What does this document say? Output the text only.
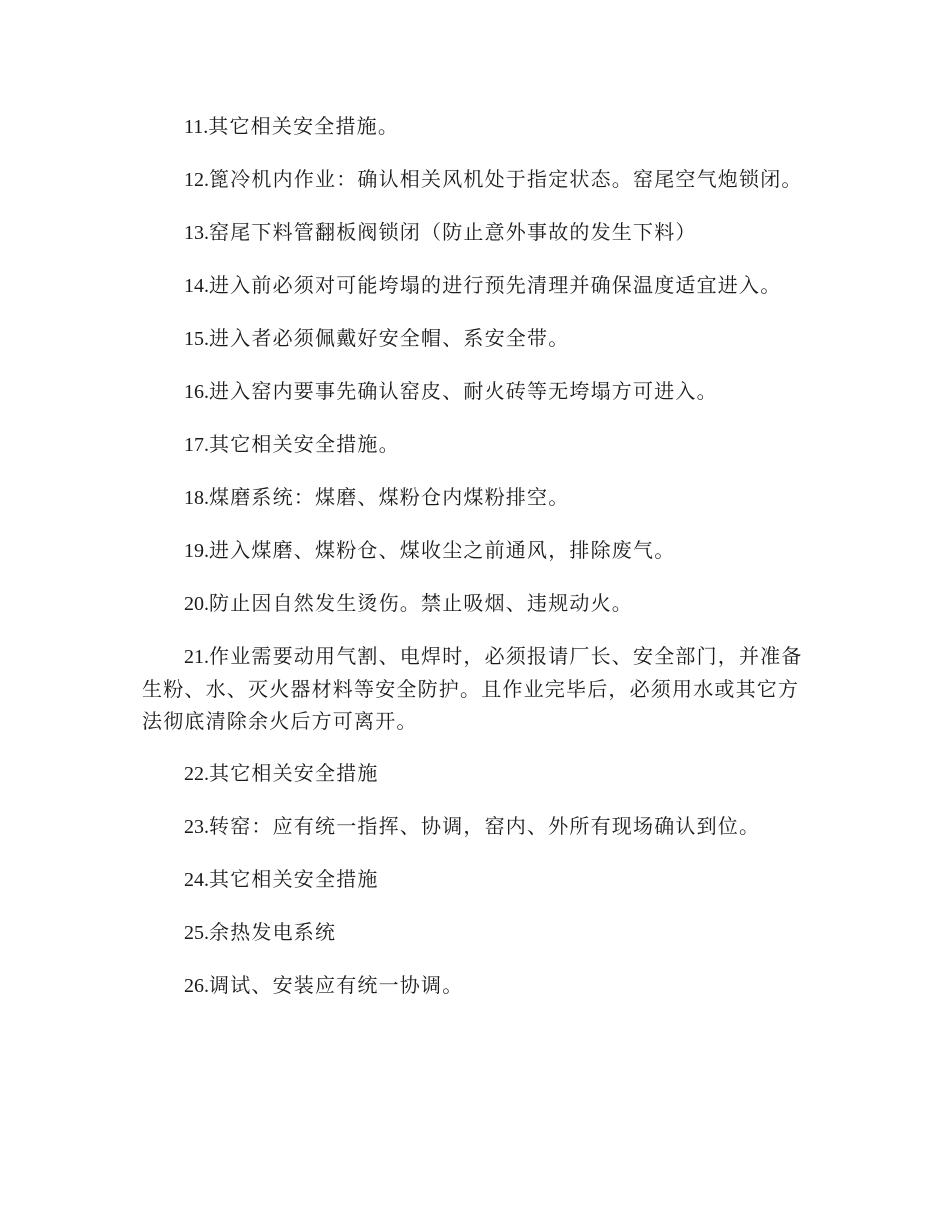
11.其它相关安全措施。

12.篦冷机内作业：确认相关风机处于指定状态。窑尾空气炮锁闭。

13.窑尾下料管翻板阀锁闭（防止意外事故的发生下料）

14.进入前必须对可能垮塌的进行预先清理并确保温度适宜进入。

15.进入者必须佩戴好安全帽、系安全带。

16.进入窑内要事先确认窑皮、耐火砖等无垮塌方可进入。

17.其它相关安全措施。

18.煤磨系统：煤磨、煤粉仓内煤粉排空。

19.进入煤磨、煤粉仓、煤收尘之前通风，排除废气。

20.防止因自然发生烫伤。禁止吸烟、违规动火。

21.作业需要动用气割、电焊时，必须报请厂长、安全部门，并准备生粉、水、灭火器材料等安全防护。且作业完毕后，必须用水或其它方法彻底清除余火后方可离开。

22.其它相关安全措施

23.转窑：应有统一指挥、协调，窑内、外所有现场确认到位。

24.其它相关安全措施

25.余热发电系统

26.调试、安装应有统一协调。
